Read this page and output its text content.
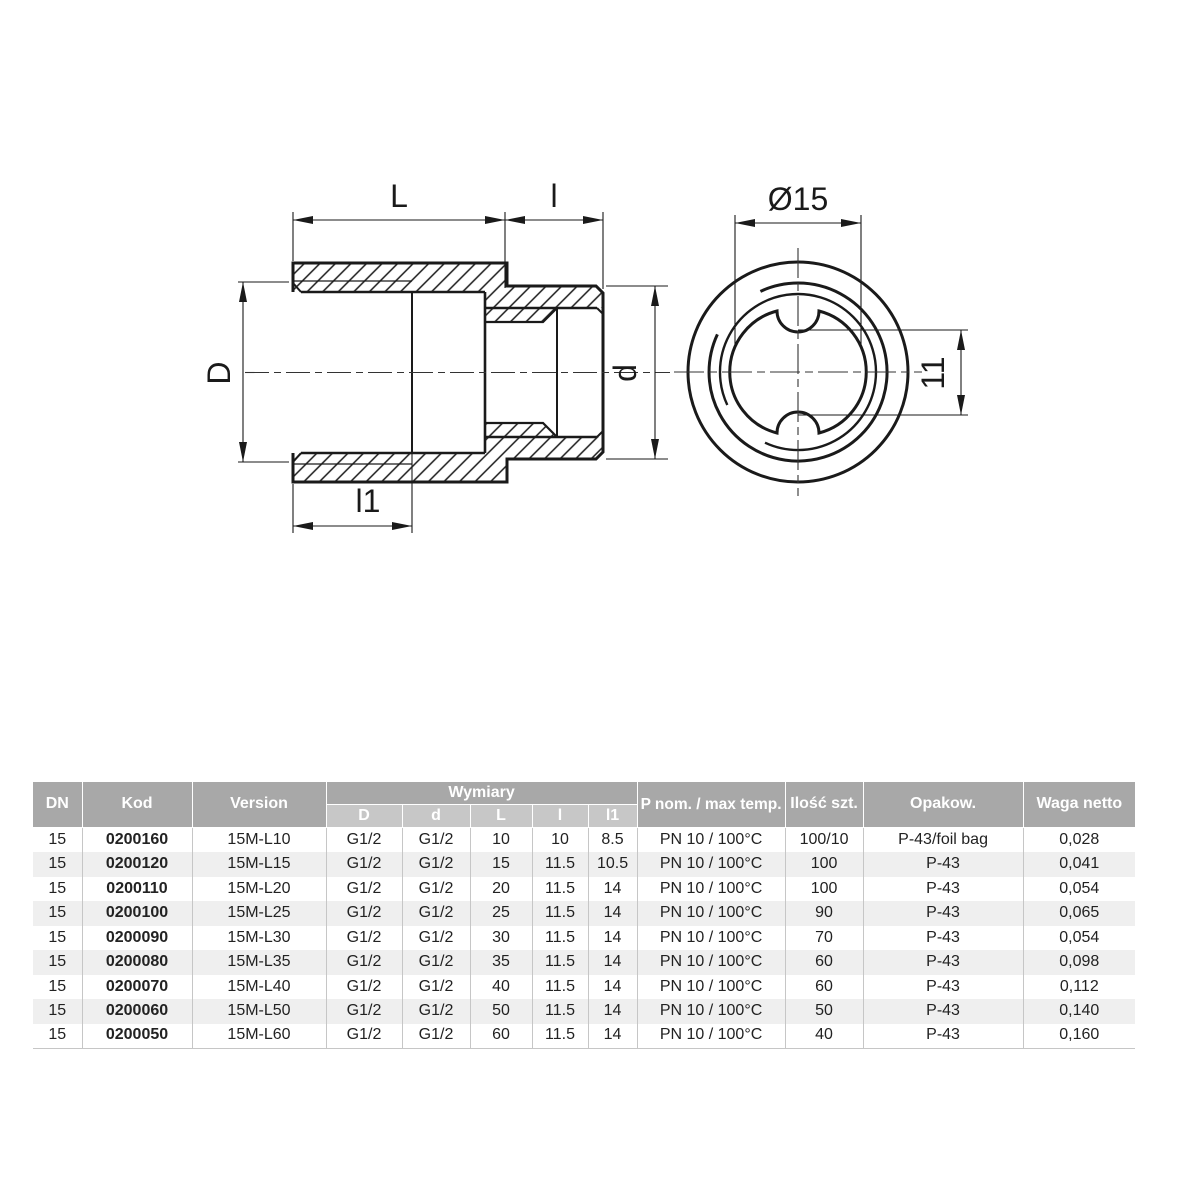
L	l
l1
D	d
Ø15
11
DN	Kod	Version	Wymiary					P nom. / max temp.	Ilość szt.	Opakow.	Waga netto
			D	d	L	l	l1				
15	0200160	15M-L10	G1/2	G1/2	10	10	8.5	PN 10 / 100°C	100/10	P-43/foil bag	0,028
15	0200120	15M-L15	G1/2	G1/2	15	11.5	10.5	PN 10 / 100°C	100	P-43	0,041
15	0200110	15M-L20	G1/2	G1/2	20	11.5	14	PN 10 / 100°C	100	P-43	0,054
15	0200100	15M-L25	G1/2	G1/2	25	11.5	14	PN 10 / 100°C	90	P-43	0,065
15	0200090	15M-L30	G1/2	G1/2	30	11.5	14	PN 10 / 100°C	70	P-43	0,054
15	0200080	15M-L35	G1/2	G1/2	35	11.5	14	PN 10 / 100°C	60	P-43	0,098
15	0200070	15M-L40	G1/2	G1/2	40	11.5	14	PN 10 / 100°C	60	P-43	0,112
15	0200060	15M-L50	G1/2	G1/2	50	11.5	14	PN 10 / 100°C	50	P-43	0,140
15	0200050	15M-L60	G1/2	G1/2	60	11.5	14	PN 10 / 100°C	40	P-43	0,160
